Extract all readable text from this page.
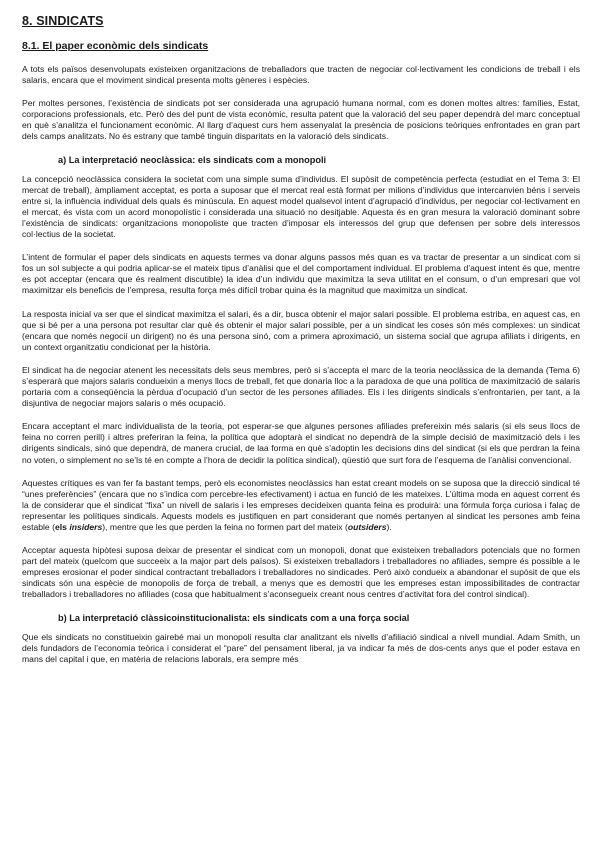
8. SINDICATS
8.1. El paper econòmic dels sindicats

A tots els països desenvolupats existeixen organitzacions de treballadors que tracten de negociar col·lectivament les condicions de treball i els salaris, encara que el moviment sindical presenta molts gèneres i espècies.

Per moltes persones, l’existència de sindicats pot ser considerada una agrupació humana normal, com es donen moltes altres: famílies, Estat, corporacions professionals, etc. Però des del punt de vista econòmic, resulta patent que la valoració del seu paper dependrà del marc conceptual en què s’analitza el funcionament econòmic. Al llarg d’aquest curs hem assenyalat la presència de posicions teòriques enfrontades en gran part dels camps analitzats. No és estrany que també tinguin disparitats en la valoració dels sindicats.

a) La interpretació neoclàssica: els sindicats com a monopoli

La concepció neoclàssica considera la societat com una simple suma d’individus. El supòsit de competència perfecta (estudiat en el Tema 3: El mercat de treball), àmpliament acceptat, es porta a suposar que el mercat real està format per milions d’individus que intercanvien béns i serveis entre si, la influència individual dels quals és minúscula. En aquest model qualsevol intent d’agrupació d’individus, per negociar col·lectivament en el mercat, és vista com un acord monopolístic i considerada una situació no desitjable. Aquesta és en gran mesura la valoració dominant sobre l’existència de sindicats: organitzacions monopoliste que tracten d’imposar els interessos del grup que defensen per sobre dels interessos col·lectius de la societat.

L’intent de formular el paper dels sindicats en aquests termes va donar alguns passos més quan es va tractar de presentar a un sindicat com si fos un sol subjecte a qui podria aplicar-se el mateix tipus d’anàlisi que el del comportament individual. El problema d’aquest intent és que, mentre es pot acceptar (encara que és realment discutible) la idea d’un individu que maximitza la seva utilitat en el consum, o d’un empresari que vol maximitzar els beneficis de l’empresa, resulta força més difícil trobar quina és la magnitud que maximitza un sindicat.

La resposta inicial va ser que el sindicat maximitza el salari, és a dir, busca obtenir el major salari possible. El problema estriba, en aquest cas, en que si bé per a una persona pot resultar clar què és obtenir el major salari possible, per a un sindicat les coses són més complexes: un sindicat (encara que només negocií un dirigent) no és una persona sinó, com a primera aproximació, un sistema social que agrupa afiliats i dirigents, en un context organitzatiu condicionat per la història.

El sindicat ha de negociar atenent les necessitats dels seus membres, però si s’accepta el marc de la teoria neoclàssica de la demanda (Tema 6) s’esperarà que majors salaris condueixin a menys llocs de treball, fet que donaria lloc a la paradoxa de que una política de maximització de salaris portaria com a conseqüència la pèrdua d’ocupació d’un sector de les persones afiliades. Els i les dirigents sindicals s’enfrontarien, per tant, a la disjuntiva de negociar majors salaris o més ocupació.

Encara acceptant el marc individualista de la teoria, pot esperar-se que algunes persones afiliades prefereixin més salaris (si els seus llocs de feina no corren perill) i altres preferiran la feina, la política que adoptarà el sindicat no dependrà de la simple decisió de maximització dels i les dirigents sindicals, sinó que dependrà, de manera crucial, de laa forma en què s’adoptin les decisions dins del sindicat (si els que perdran la feina no voten, o simplement no se’ls té en compte a l’hora de decidir la política sindical), qüestió que surt fora de l’esquema de l’anàlisi convencional.

Aquestes crítiques es van fer fa bastant temps, però els economistes neoclàssics han estat creant models on se suposa que la direcció sindical té “unes preferències” (encara que no s’indica com percebre-les efectivament) i actua en funció de les mateixes. L’última moda en aquest corrent és la de considerar que el sindicat “fixa” un nivell de salaris i les empreses decideixen quanta feina es produirà: una fórmula força curiosa i falaç de representar les polítiques sindicals. Aquests models es justifiquen en part considerant que només pertanyen al sindicat les persones amb feina estable (els insiders), mentre que les que perden la feina no formen part del mateix (outsiders).

Acceptar aquesta hipòtesi suposa deixar de presentar el sindicat com un monopoli, donat que existeixen treballadors potencials que no formen part del mateix (quelcom que succeeix a la major part dels països). Si existeixen treballadors i treballadores no afiliades, sempre és possible a le empreses erosionar el poder sindical contractant treballadors i treballadores no sindicades. Però això condueix a abandonar el supòsit de que els sindicats són una espècie de monopolis de força de treball, a menys que es demostri que les empreses estan impossibilitades de contractar treballadors i treballadores no afiliades (cosa que habitualment s’aconsegueix creant nous centres d’activitat fora del control sindical).

b) La interpretació clàssicoinstitucionalista: els sindicats com a una força social

Que els sindicats no constitueixin gairebé mai un monopoli resulta clar analitzant els nivells d’afiliació sindical a nivell mundial. Adam Smith, un dels fundadors de l’economia teòrica i considerat el “pare” del pensament liberal, ja va indicar fa més de dos-cents anys que el poder estava en mans del capital i que, en matèria de relacions laborals, era sempre més
